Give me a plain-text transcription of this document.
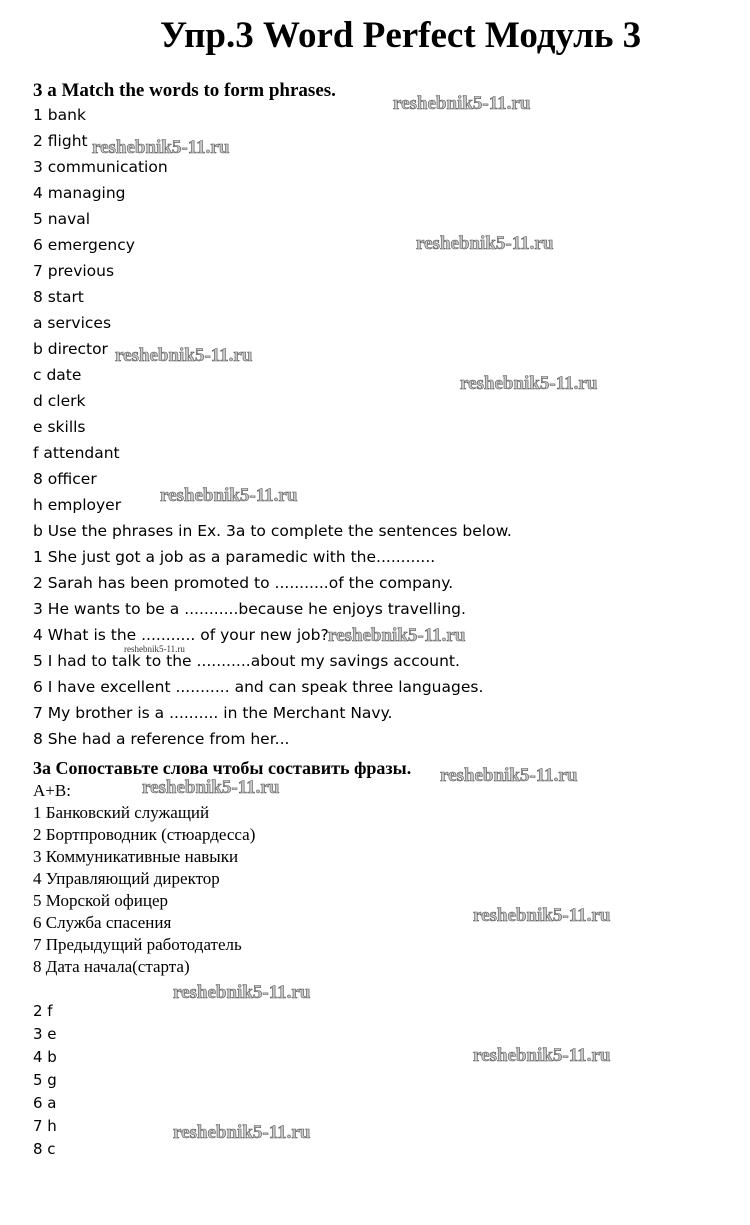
Упр.3 Word Perfect Модуль 3
3 a Match the words to form phrases.
1 bank
2 flight
3 communication
4 managing
5 naval
6 emergency
7 previous
8 start
a services
b director
c date
d clerk
e skills
f attendant
8 officer
h employer
b Use the phrases in Ex. 3a to complete the sentences below.
1 She just got a job as a paramedic with the............
2 Sarah has been promoted to ...........of the company.
3 He wants to be a ...........because he enjoys travelling.
4 What is the ........... of your new job?
5 I had to talk to the ...........about my savings account.
6 I have excellent ........... and can speak three languages.
7 My brother is a .......... in the Merchant Navy.
8 She had a reference from her...
3a Сопоставьте слова чтобы составить фразы.
A+B:
1 Банковский служащий
2 Бортпроводник (стюардесса)
3 Коммуникативные навыки
4 Управляющий директор
5 Морской офицер
6 Служба спасения
7 Предыдущий работодатель
8 Дата начала(старта)
2 f
3 e
4 b
5 g
6 a
7 h
8 c
reshebnik5-11.ru
reshebnik5-11.ru
reshebnik5-11.ru
reshebnik5-11.ru
reshebnik5-11.ru
reshebnik5-11.ru
reshebnik5-11.ru
reshebnik5-11.ru
reshebnik5-11.ru
reshebnik5-11.ru
reshebnik5-11.ru
reshebnik5-11.ru
reshebnik5-11.ru
reshebnik5-11.ru
